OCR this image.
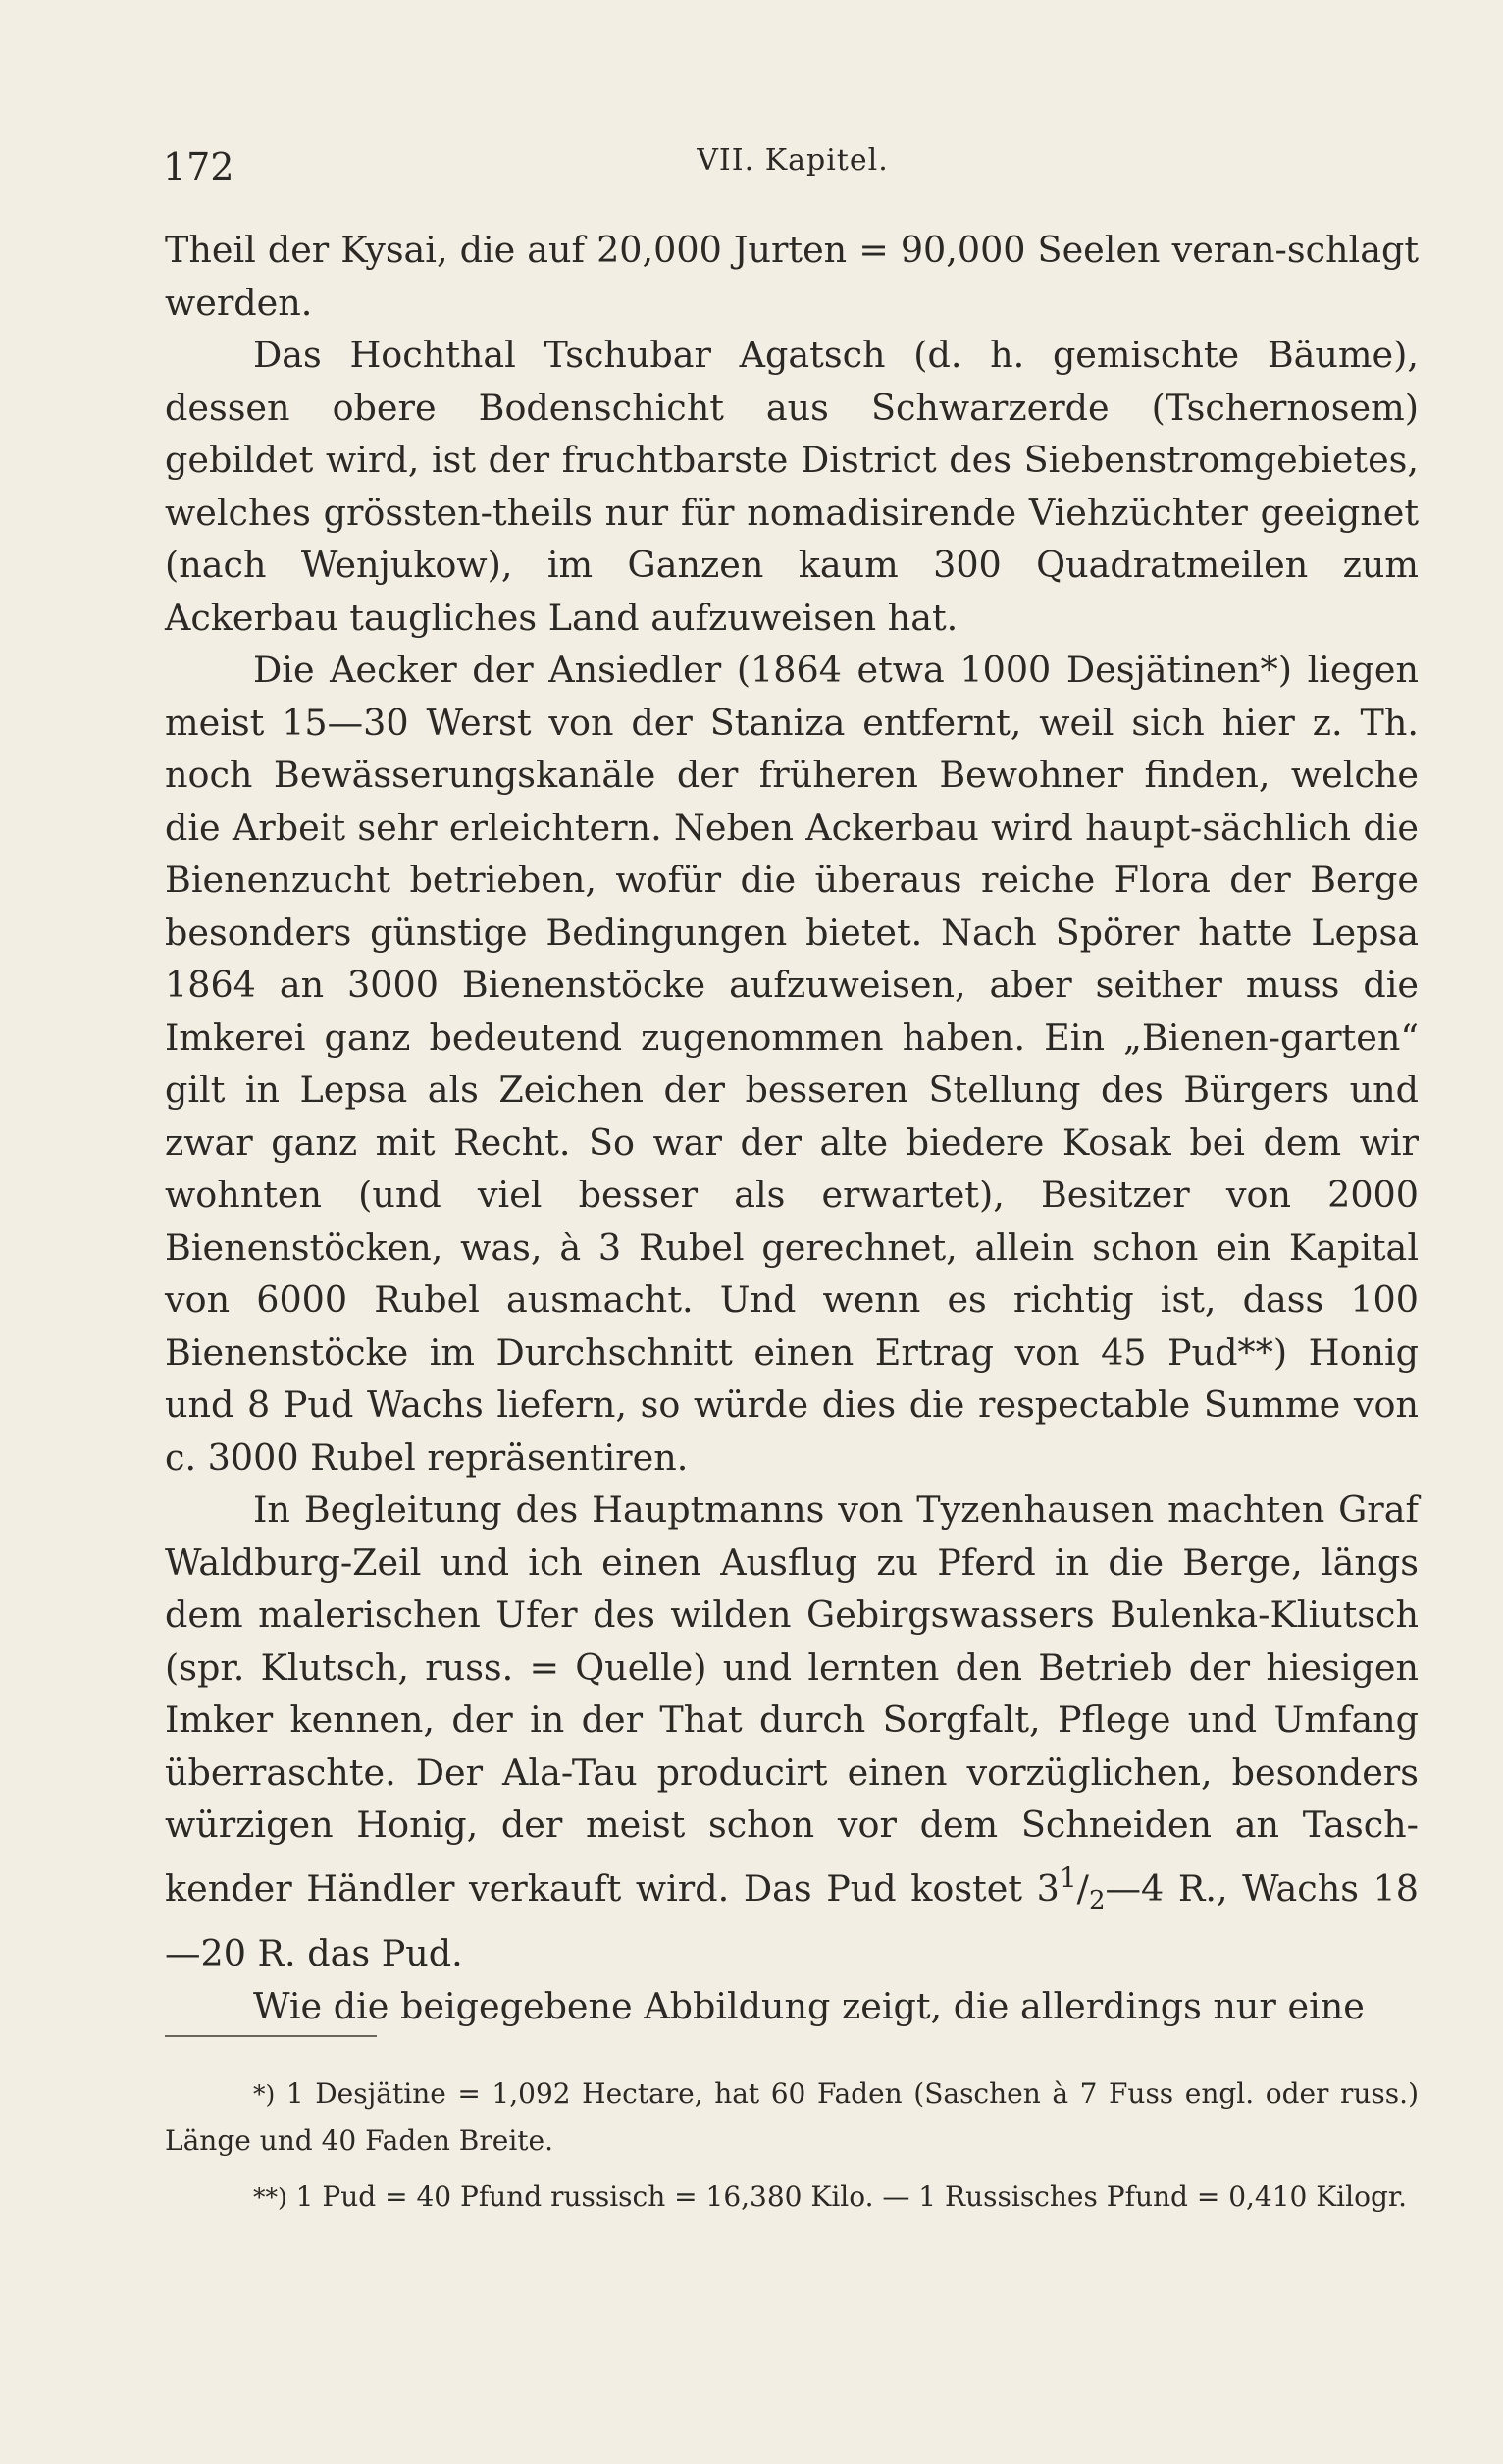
172	VII. Kapitel.

Theil der Kysai, die auf 20,000 Jurten = 90,000 Seelen veran-schlagt werden.

Das Hochthal Tschubar Agatsch (d. h. gemischte Bäume), dessen obere Bodenschicht aus Schwarzerde (Tschernosem) gebildet wird, ist der fruchtbarste District des Siebenstromgebietes, welches grössten-theils nur für nomadisirende Viehzüchter geeignet (nach Wenjukow), im Ganzen kaum 300 Quadratmeilen zum Ackerbau taugliches Land aufzuweisen hat.

Die Aecker der Ansiedler (1864 etwa 1000 Desjätinen*) liegen meist 15—30 Werst von der Staniza entfernt, weil sich hier z. Th. noch Bewässerungskanäle der früheren Bewohner finden, welche die Arbeit sehr erleichtern. Neben Ackerbau wird haupt-sächlich die Bienenzucht betrieben, wofür die überaus reiche Flora der Berge besonders günstige Bedingungen bietet. Nach Spörer hatte Lepsa 1864 an 3000 Bienenstöcke aufzuweisen, aber seither muss die Imkerei ganz bedeutend zugenommen haben. Ein „Bienen-garten“ gilt in Lepsa als Zeichen der besseren Stellung des Bürgers und zwar ganz mit Recht. So war der alte biedere Kosak bei dem wir wohnten (und viel besser als erwartet), Besitzer von 2000 Bienenstöcken, was, à 3 Rubel gerechnet, allein schon ein Kapital von 6000 Rubel ausmacht. Und wenn es richtig ist, dass 100 Bienenstöcke im Durchschnitt einen Ertrag von 45 Pud**) Honig und 8 Pud Wachs liefern, so würde dies die respectable Summe von c. 3000 Rubel repräsentiren.

In Begleitung des Hauptmanns von Tyzenhausen machten Graf Waldburg-Zeil und ich einen Ausflug zu Pferd in die Berge, längs dem malerischen Ufer des wilden Gebirgswassers Bulenka-Kliutsch (spr. Klutsch, russ. = Quelle) und lernten den Betrieb der hiesigen Imker kennen, der in der That durch Sorgfalt, Pflege und Umfang überraschte. Der Ala-Tau producirt einen vorzüglichen, besonders würzigen Honig, der meist schon vor dem Schneiden an Tasch-kender Händler verkauft wird. Das Pud kostet $3^1/_2—4$ R., Wachs 18—20 R. das Pud.

Wie die beigegebene Abbildung zeigt, die allerdings nur eine

*) 1 Desjätine = 1,092 Hectare, hat 60 Faden (Saschen à 7 Fuss engl. oder russ.) Länge und 40 Faden Breite.

**) 1 Pud = 40 Pfund russisch = 16,380 Kilo. — 1 Russisches Pfund = 0,410 Kilogr.
